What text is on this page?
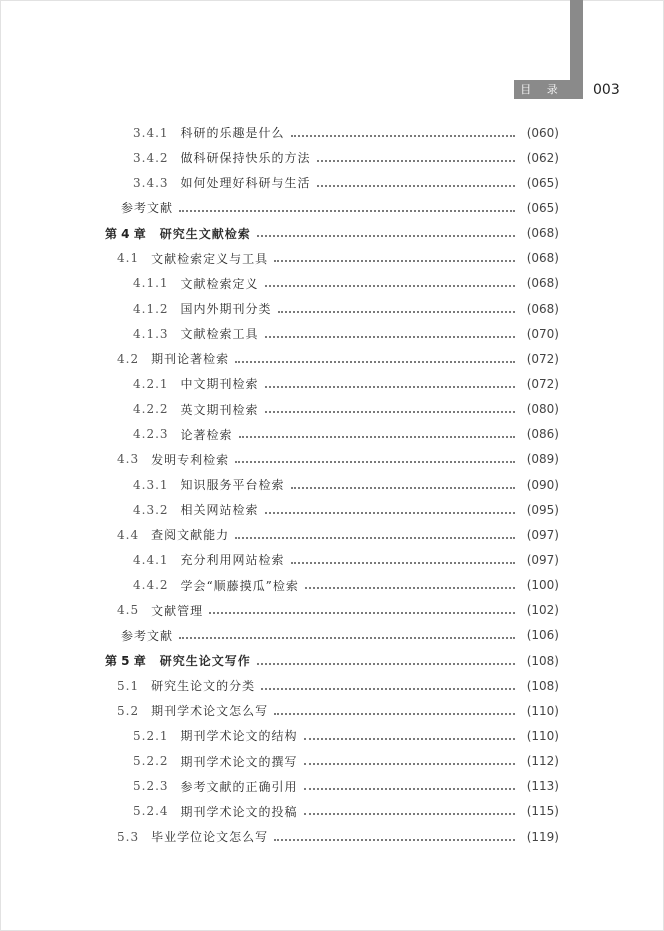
目 录	003
3.4.1 科研的乐趣是什么	(060)
3.4.2 做科研保持快乐的方法	(062)
3.4.3 如何处理好科研与生活	(065)
参考文献	(065)
第 4 章 研究生文献检索	(068)
4.1 文献检索定义与工具	(068)
4.1.1 文献检索定义	(068)
4.1.2 国内外期刊分类	(068)
4.1.3 文献检索工具	(070)
4.2 期刊论著检索	(072)
4.2.1 中文期刊检索	(072)
4.2.2 英文期刊检索	(080)
4.2.3 论著检索	(086)
4.3 发明专利检索	(089)
4.3.1 知识服务平台检索	(090)
4.3.2 相关网站检索	(095)
4.4 查阅文献能力	(097)
4.4.1 充分利用网站检索	(097)
4.4.2 学会“顺藤摸瓜”检索	(100)
4.5 文献管理	(102)
参考文献	(106)
第 5 章 研究生论文写作	(108)
5.1 研究生论文的分类	(108)
5.2 期刊学术论文怎么写	(110)
5.2.1 期刊学术论文的结构	(110)
5.2.2 期刊学术论文的撰写	(112)
5.2.3 参考文献的正确引用	(113)
5.2.4 期刊学术论文的投稿	(115)
5.3 毕业学位论文怎么写	(119)
